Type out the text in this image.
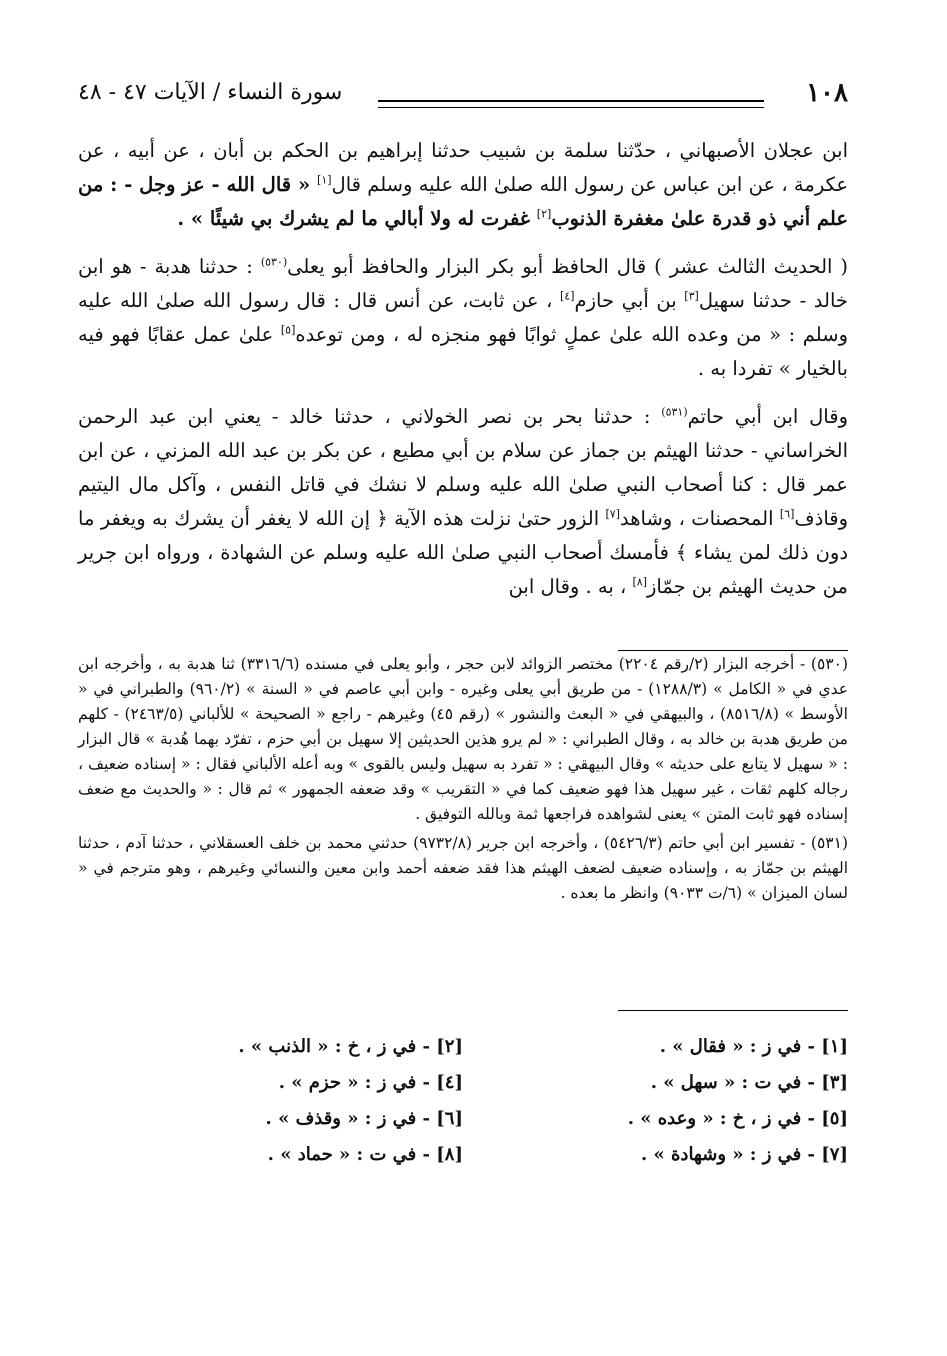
١٠٨
سورة النساء / الآيات ٤٧ - ٤٨

ابن عجلان الأصبهاني ، حدّثنا سلمة بن شبيب حدثنا إبراهيم بن الحكم بن أبان ، عن أبيه ، عن عكرمة ، عن ابن عباس عن رسول الله صلىٰ الله عليه وسلم قال[١] « قال الله - عز وجل - : من علم أني ذو قدرة علىٰ مغفرة الذنوب[٢] غفرت له ولا أبالي ما لم يشرك بي شيئًا » .

( الحديث الثالث عشر ) قال الحافظ أبو بكر البزار والحافظ أبو يعلى$^{(٥٣٠)}$ : حدثنا هدبة - هو ابن خالد - حدثنا سهيل[٣] بن أبي حازم[٤] ، عن ثابت، عن أنس قال : قال رسول الله صلىٰ الله عليه وسلم : « من وعده الله علىٰ عملٍ ثوابًا فهو منجزه له ، ومن توعده[٥] علىٰ عمل عقابًا فهو فيه بالخيار » تفردا به .

وقال ابن أبي حاتم$^{(٥٣١)}$ : حدثنا بحر بن نصر الخولاني ، حدثنا خالد - يعني ابن عبد الرحمن الخراساني - حدثنا الهيثم بن جماز عن سلام بن أبي مطيع ، عن بكر بن عبد الله المزني ، عن ابن عمر قال : كنا أصحاب النبي صلىٰ الله عليه وسلم لا نشك في قاتل النفس ، وآكل مال اليتيم وقاذف[٦] المحصنات ، وشاهد[٧] الزور حتىٰ نزلت هذه الآية ﴿ إن الله لا يغفر أن يشرك به ويغفر ما دون ذلك لمن يشاء ﴾ فأمسك أصحاب النبي صلىٰ الله عليه وسلم عن الشهادة ، ورواه ابن جرير من حديث الهيثم بن جمّاز[٨] ، به . وقال ابن

(٥٣٠) - أخرجه البزار (٢/رقم ٢٢٠٤) مختصر الزوائد لابن حجر ، وأبو يعلى في مسنده (٣٣١٦/٦) ثنا هدبة به ، وأخرجه ابن عدي في « الكامل » (١٢٨٨/٣) - من طريق أبي يعلى وغيره - وابن أبي عاصم في « السنة » (٩٦٠/٢) والطبراني في « الأوسط » (٨٥١٦/٨) ، والبيهقي في « البعث والنشور » (رقم ٤٥) وغيرهم - راجع « الصحيحة » للألباني (٢٤٦٣/٥) - كلهم من طريق هدبة بن خالد به ، وقال الطبراني : « لم يرو هذين الحديثين إلا سهيل بن أبي حزم ، تفرّد بهما هُدبة » قال البزار : « سهيل لا يتابع على حديثه » وقال البيهقي : « تفرد به سهيل وليس بالقوى » وبه أعله الألباني فقال : « إسناده ضعيف ، رجاله كلهم ثقات ، غير سهيل هذا فهو ضعيف كما في « التقريب » وقد ضعفه الجمهور » ثم قال : « والحديث مع ضعف إسناده فهو ثابت المتن » يعنى لشواهده فراجعها ثمة وبالله التوفيق .

(٥٣١) - تفسير ابن أبي حاتم (٥٤٢٦/٣) ، وأخرجه ابن جرير (٩٧٣٢/٨) حدثني محمد بن خلف العسقلاني ، حدثنا آدم ، حدثنا الهيثم بن جمّاز به ، وإسناده ضعيف لضعف الهيثم هذا فقد ضعفه أحمد وابن معين والنسائي وغيرهم ، وهو مترجم في « لسان الميزان » (٦/ت ٩٠٣٣) وانظر ما بعده .

[١] - في ز : « فقال » .
[٢] - في ز ، خ : « الذنب » .
[٣] - في ت : « سهل » .
[٤] - في ز : « حزم » .
[٥] - في ز ، خ : « وعده » .
[٦] - في ز : « وقذف » .
[٧] - في ز : « وشهادة » .
[٨] - في ت : « حماد » .
